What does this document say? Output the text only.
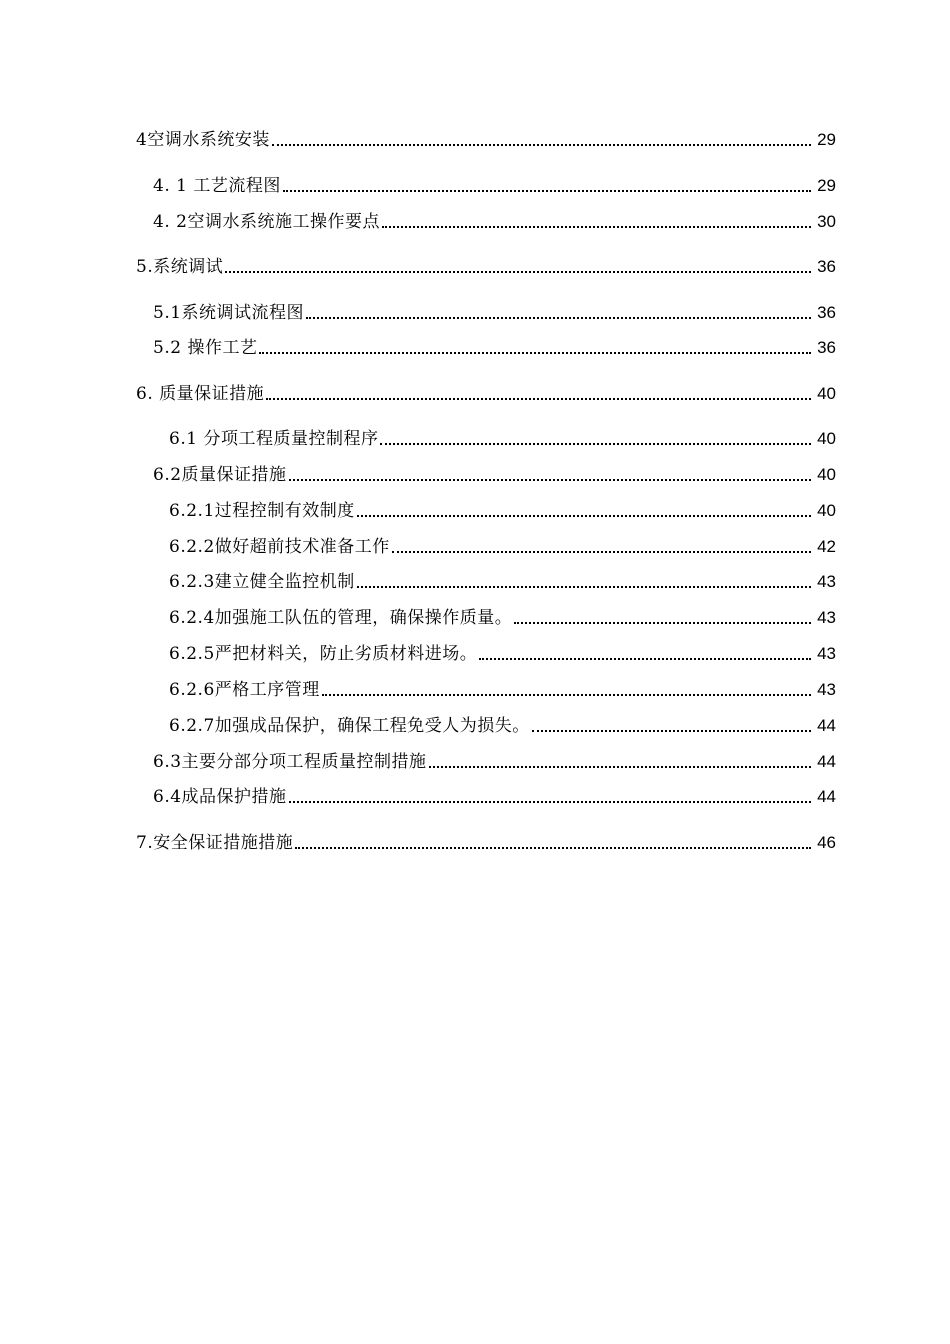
4空调水系统安装	29
4. 1 工艺流程图	29
4. 2空调水系统施工操作要点	30
5.系统调试	36
5.1系统调试流程图	36
5.2 操作工艺	36
6. 质量保证措施	40
6.1 分项工程质量控制程序	40
6.2质量保证措施	40
6.2.1过程控制有效制度	40
6.2.2做好超前技术准备工作	42
6.2.3建立健全监控机制	43
6.2.4加强施工队伍的管理，确保操作质量。	43
6.2.5严把材料关，防止劣质材料进场。	43
6.2.6严格工序管理	43
6.2.7加强成品保护，确保工程免受人为损失。	44
6.3主要分部分项工程质量控制措施	44
6.4成品保护措施	44
7.安全保证措施措施	46
